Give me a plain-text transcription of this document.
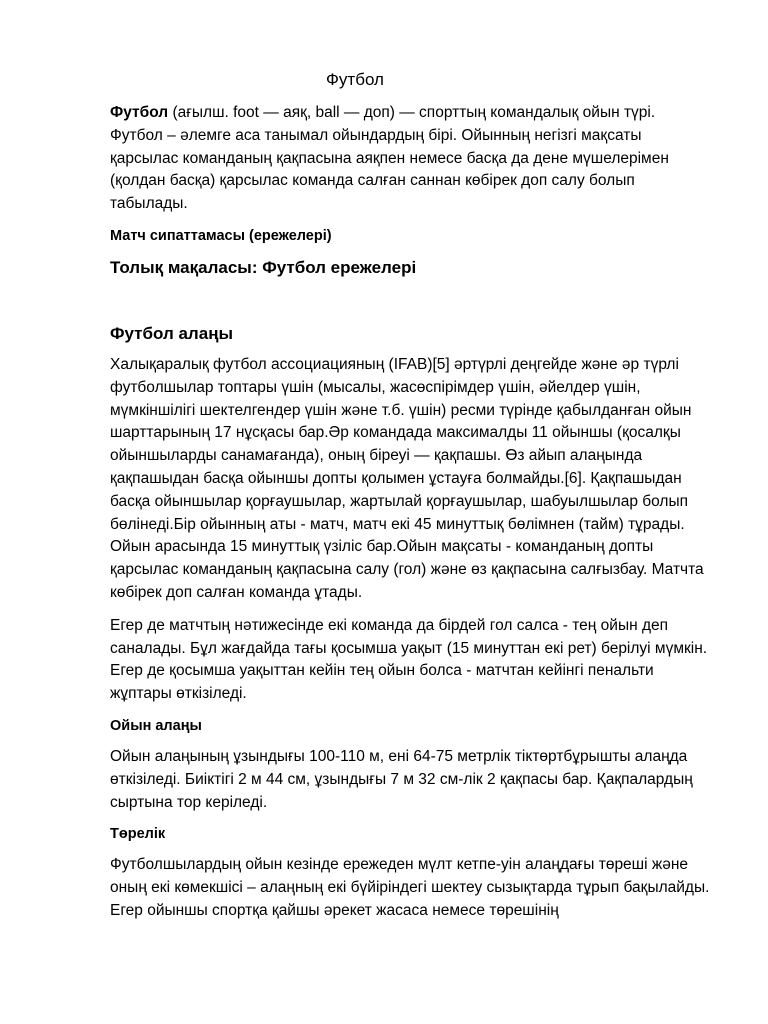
Футбол

Футбол (ағылш. foot — аяқ, ball — доп) — спорттың командалық ойын түрі. Футбол – әлемге аса танымал ойындардың бірі. Ойынның негізгі мақсаты қарсылас команданың қақпасына аяқпен немесе басқа да дене мүшелерімен (қолдан басқа) қарсылас команда салған саннан көбірек доп салу болып табылады.

Матч сипаттамасы (ережелері)
Толық мақаласы: Футбол ережелері
Футбол алаңы

Халықаралық футбол ассоциацияның (IFAB)[5] әртүрлі деңгейде және әр түрлі футболшылар топтары үшін (мысалы, жасөспірімдер үшін, әйелдер үшін, мүмкіншілігі шектелгендер үшін және т.б. үшін) ресми түрінде қабылданған ойын шарттарының 17 нұсқасы бар.Әр командада максималды 11 ойыншы (қосалқы ойыншыларды санамағанда), оның біреуі — қақпашы. Өз айып алаңында қақпашыдан басқа ойыншы допты қолымен ұстауға болмайды.[6]. Қақпашыдан басқа ойыншылар қорғаушылар, жартылай қорғаушылар, шабуылшылар болып бөлінеді.Бір ойынның аты - матч, матч екі 45 минуттық бөлімнен (тайм) тұрады. Ойын арасында 15 минуттық үзіліс бар.Ойын мақсаты - команданың допты қарсылас команданың қақпасына салу (гол) және өз қақпасына салғызбау. Матчта көбірек доп салған команда ұтады.

Егер де матчтың нәтижесінде екі команда да бірдей гол салса - тең ойын деп саналады. Бұл жағдайда тағы қосымша уақыт (15 минуттан екі рет) берілуі мүмкін. Егер де қосымша уақыттан кейін тең ойын болса - матчтан кейінгі пенальти жұптары өткізіледі.

Ойын алаңы

Ойын алаңының ұзындығы 100-110 м, ені 64-75 метрлік тіктөртбұрышты алаңда өткізіледі. Биіктігі 2 м 44 см, ұзындығы 7 м 32 см-лік 2 қақпасы бар. Қақпалардың сыртына тор керіледі.

Төрелік

Футболшылардың ойын кезінде ережеден мүлт кетпе-уін алаңдағы төреші және оның екі көмекшісі – алаңның екі бүйіріндегі шектеу сызықтарда тұрып бақылайды. Егер ойыншы спортқа қайшы әрекет жасаса немесе төрешінің
